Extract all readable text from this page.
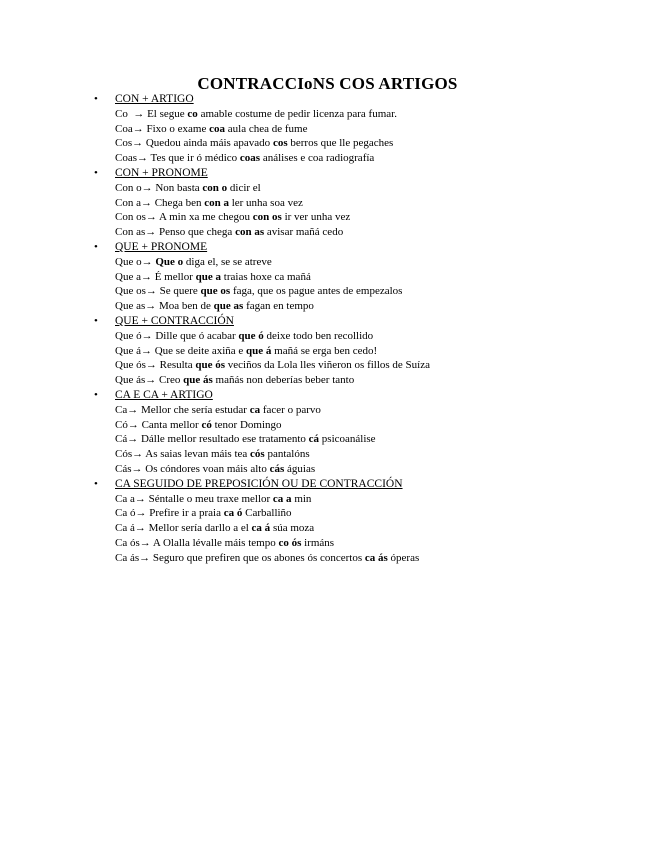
CONTRACCIoNS COS ARTIGOS
• CON + ARTIGO
Co  → El segue co amable costume de pedir licenza para fumar.
Coa→ Fixo o exame coa aula chea de fume
Cos→ Quedou ainda máis apavado cos berros que lle pegaches
Coas→ Tes que ir ó médico coas análises e coa radiografía
• CON + PRONOME
Con o→ Non basta con o dicir el
Con a→ Chega ben con a ler unha soa vez
Con os→ A min xa me chegou con os ir ver unha vez
Con as→ Penso que chega con as avisar mañá cedo
• QUE + PRONOME
Que o→ Que o diga el, se se atreve
Que a→ É mellor que a traias hoxe ca mañá
Que os→ Se quere que os faga, que os pague antes de empezalos
Que as→ Moa ben de que as fagan en tempo
• QUE + CONTRACCIÓN
Que ó→ Dille que ó acabar que ó deixe todo ben recollido
Que á→ Que se deite axiña e que á mañá se erga ben cedo!
Que ós→ Resulta que ós veciños da Lola lles viñeron os fillos de Suíza
Que ás→ Creo que ás mañás non deberías beber tanto
• CA E CA + ARTIGO
Ca→ Mellor che sería estudar ca facer o parvo
Có→ Canta mellor có tenor Domingo
Cá→ Dálle mellor resultado ese tratamento cá psicoanálise
Cós→ As saias levan máis tea cós pantalóns
Cás→ Os cóndores voan máis alto cás águias
• CA SEGUIDO DE PREPOSICIÓN OU DE CONTRACCIÓN
Ca a→ Séntalle o meu traxe mellor ca a min
Ca ó→ Prefire ir a praia ca ó Carballiño
Ca á→ Mellor sería darllo a el ca á súa moza
Ca ós→ A Olalla lévalle máis tempo co ós irmáns
Ca ás→ Seguro que prefiren que os abones ós concertos ca ás óperas
